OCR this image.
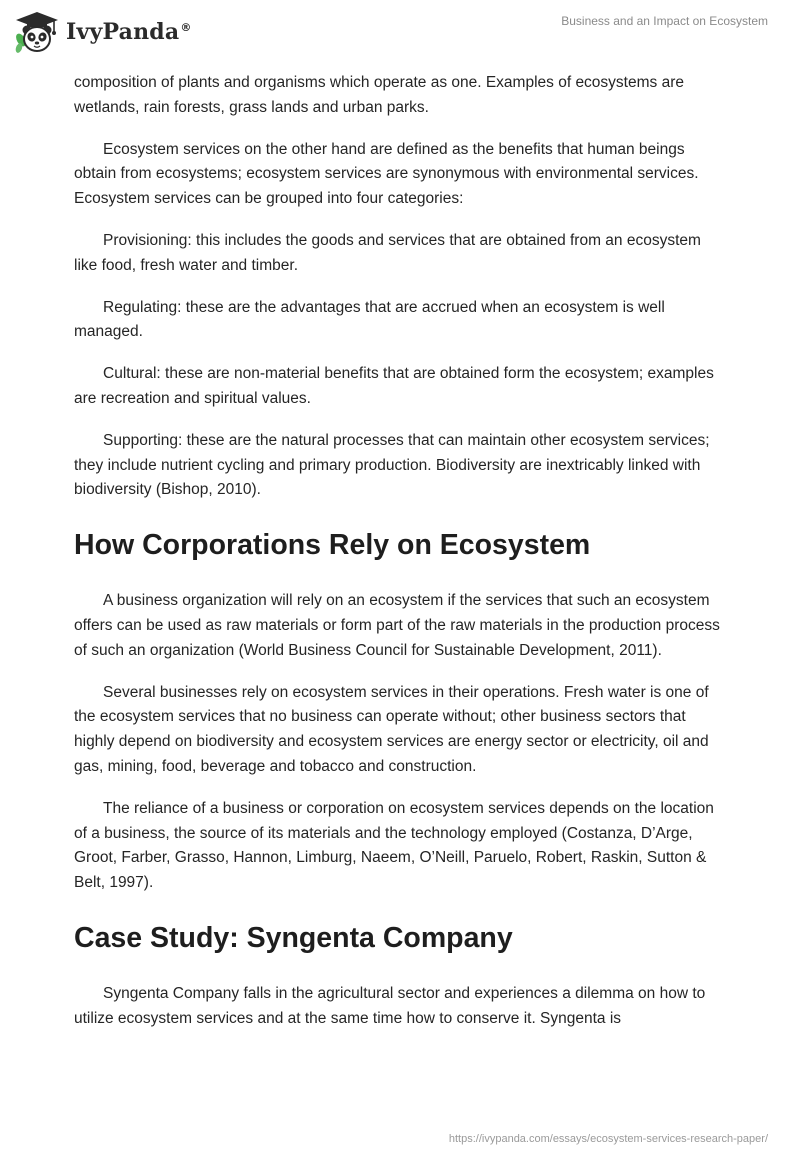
IvyPanda®	Business and an Impact on Ecosystem

composition of plants and organisms which operate as one. Examples of ecosystems are wetlands, rain forests, grass lands and urban parks.

Ecosystem services on the other hand are defined as the benefits that human beings obtain from ecosystems; ecosystem services are synonymous with environmental services. Ecosystem services can be grouped into four categories:

Provisioning: this includes the goods and services that are obtained from an ecosystem like food, fresh water and timber.

Regulating: these are the advantages that are accrued when an ecosystem is well managed.

Cultural: these are non-material benefits that are obtained form the ecosystem; examples are recreation and spiritual values.

Supporting: these are the natural processes that can maintain other ecosystem services; they include nutrient cycling and primary production. Biodiversity are inextricably linked with biodiversity (Bishop, 2010).

How Corporations Rely on Ecosystem

A business organization will rely on an ecosystem if the services that such an ecosystem offers can be used as raw materials or form part of the raw materials in the production process of such an organization (World Business Council for Sustainable Development, 2011).

Several businesses rely on ecosystem services in their operations. Fresh water is one of the ecosystem services that no business can operate without; other business sectors that highly depend on biodiversity and ecosystem services are energy sector or electricity, oil and gas, mining, food, beverage and tobacco and construction.

The reliance of a business or corporation on ecosystem services depends on the location of a business, the source of its materials and the technology employed (Costanza, D’Arge, Groot, Farber, Grasso, Hannon, Limburg, Naeem, O’Neill, Paruelo, Robert, Raskin, Sutton & Belt, 1997).

Case Study: Syngenta Company

Syngenta Company falls in the agricultural sector and experiences a dilemma on how to utilize ecosystem services and at the same time how to conserve it. Syngenta is

https://ivypanda.com/essays/ecosystem-services-research-paper/
